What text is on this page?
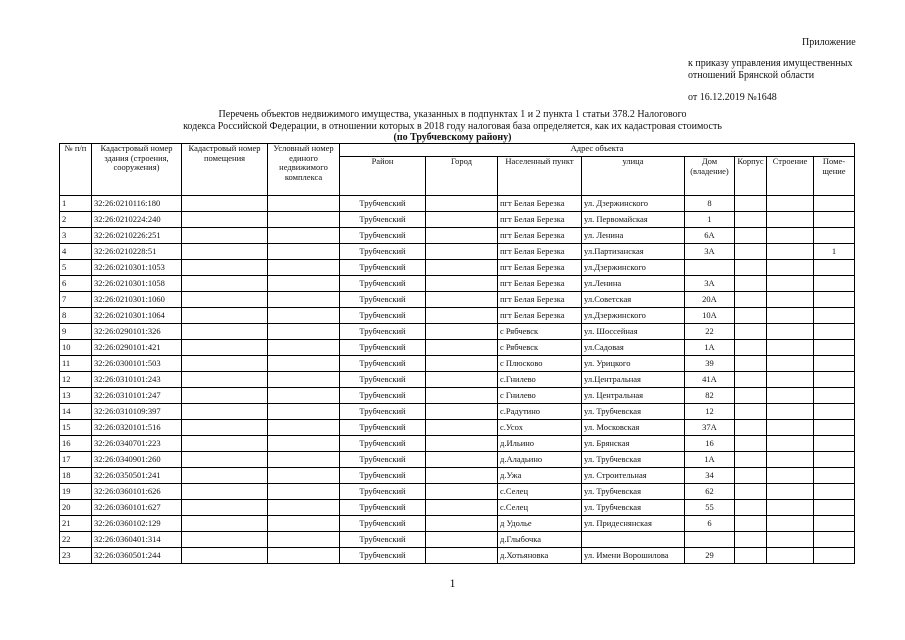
Приложение
к приказу управления имущественных
отношений Брянской области
от 16.12.2019 №1648
Перечень объектов недвижимого имущества, указанных в подпунктах 1 и 2 пункта 1 статьи 378.2 Налогового
кодекса Российской Федерации, в отношении которых в 2018 году налоговая база определяется, как их кадастровая стоимость
(по Трубчевскому району)
№ п/п	Кадастровый номер здания (строения, сооружения)	Кадастровый номер помещения	Условный номер единого недвижимого комплекса	Адрес объекта							
				Район	Город	Населенный пункт	улица	Дом (владение)	Корпус	Строение	Поме-щение
1	32:26:0210116:180			Трубчевский		пгт Белая Березка	ул. Дзержинского	8			
2	32:26:0210224:240			Трубчевский		пгт Белая Березка	ул. Первомайская	1			
3	32:26:0210226:251			Трубчевский		пгт Белая Березка	ул. Ленина	6А			
4	32:26:0210228:51			Трубчевский		пгт Белая Березка	ул.Партизанская	3А			1
5	32:26:0210301:1053			Трубчевский		пгт Белая Березка	ул.Дзержинского				
6	32:26:0210301:1058			Трубчевский		пгт Белая Березка	ул.Ленина	3А			
7	32:26:0210301:1060			Трубчевский		пгт Белая Березка	ул.Советская	20А			
8	32:26:0210301:1064			Трубчевский		пгт Белая Березка	ул.Дзержинского	10А			
9	32:26:0290101:326			Трубчевский		с Рябчевск	ул. Шоссейная	22			
10	32:26:0290101:421			Трубчевский		с Рябчевск	ул.Садовая	1А			
11	32:26:0300101:503			Трубчевский		с Плюсково	ул. Урицкого	39			
12	32:26:0310101:243			Трубчевский		с.Гнилево	ул.Центральная	41А			
13	32:26:0310101:247			Трубчевский		с Гнилево	ул. Центральная	82			
14	32:26:0310109:397			Трубчевский		с.Радутино	ул. Трубчевская	12			
15	32:26:0320101:516			Трубчевский		с.Усох	ул. Московская	37А			
16	32:26:0340701:223			Трубчевский		д.Ильино	ул. Брянская	16			
17	32:26:0340901:260			Трубчевский		д.Аладьино	ул. Трубчевская	1А			
18	32:26:0350501:241			Трубчевский		д.Ужа	ул. Строительная	34			
19	32:26:0360101:626			Трубчевский		с.Селец	ул. Трубчевская	62			
20	32:26:0360101:627			Трубчевский		с.Селец	ул. Трубчевская	55			
21	32:26:0360102:129			Трубчевский		д Удолье	ул. Придеснянская	6			
22	32:26:0360401:314			Трубчевский		д.Глыбочка					
23	32:26:0360501:244			Трубчевский		д.Хотьяновка	ул. Имени Ворошилова	29			
1
